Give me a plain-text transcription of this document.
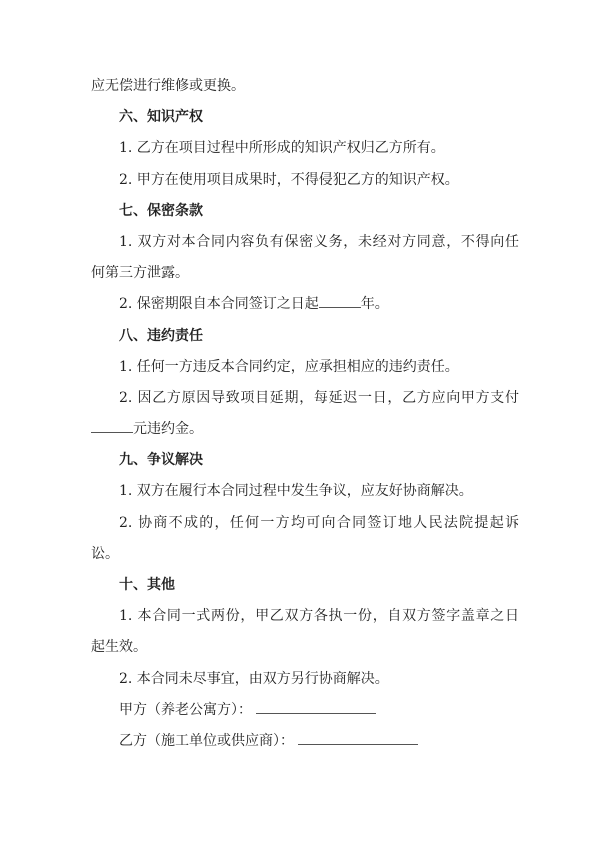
应无偿进行维修或更换。
六、知识产权
1. 乙方在项目过程中所形成的知识产权归乙方所有。
2. 甲方在使用项目成果时，不得侵犯乙方的知识产权。
七、保密条款
1. 双方对本合同内容负有保密义务，未经对方同意，不得向任
何第三方泄露。
2. 保密期限自本合同签订之日起	年。
八、违约责任
1. 任何一方违反本合同约定，应承担相应的违约责任。
2. 因乙方原因导致项目延期，每延迟一日，乙方应向甲方支付
元违约金。
九、争议解决
1. 双方在履行本合同过程中发生争议，应友好协商解决。
2. 协商不成的，任何一方均可向合同签订地人民法院提起诉
讼。
十、其他
1. 本合同一式两份，甲乙双方各执一份，自双方签字盖章之日
起生效。
2. 本合同未尽事宜，由双方另行协商解决。
甲方（养老公寓方）：
乙方（施工单位或供应商）：
